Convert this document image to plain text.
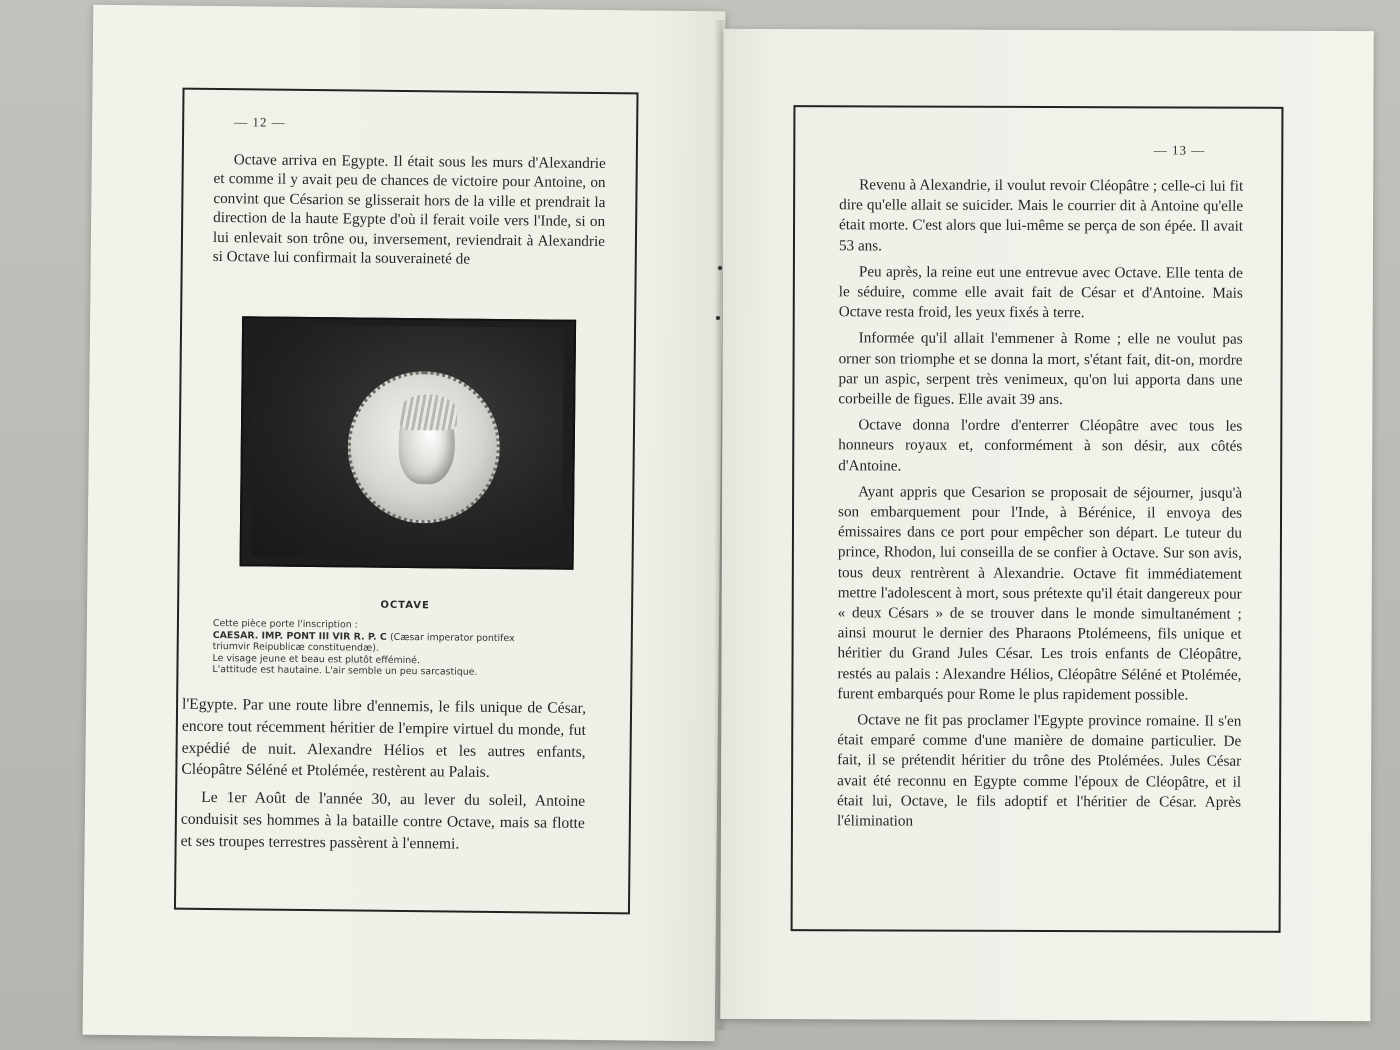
— 12 —

Octave arriva en Egypte. Il était sous les murs d'Alexandrie et comme il y avait peu de chances de victoire pour Antoine, on convint que Césarion se glisserait hors de la ville et prendrait la direction de la haute Egypte d'où il ferait voile vers l'Inde, si on lui enlevait son trône ou, inversement, reviendrait à Alexandrie si Octave lui confirmait la souveraineté de

OCTAVE
Cette pièce porte l'inscription :
CAESAR. IMP. PONT III VIR R. P. C (Cæsar imperator pontifex
triumvir Reipublicæ constituendæ).
Le visage jeune et beau est plutôt efféminé.
L'attitude est hautaine. L'air semble un peu sarcastique.

l'Egypte. Par une route libre d'ennemis, le fils unique de César, encore tout récemment héritier de l'empire virtuel du monde, fut expédié de nuit. Alexandre Hélios et les autres enfants, Cléopâtre Séléné et Ptolémée, restèrent au Palais.

Le 1er Août de l'année 30, au lever du soleil, Antoine conduisit ses hommes à la bataille contre Octave, mais sa flotte et ses troupes terrestres passèrent à l'ennemi.

— 13 —

Revenu à Alexandrie, il voulut revoir Cléopâtre ; celle-ci lui fit dire qu'elle allait se suicider. Mais le courrier dit à Antoine qu'elle était morte. C'est alors que lui-même se perça de son épée. Il avait 53 ans.

Peu après, la reine eut une entrevue avec Octave. Elle tenta de le séduire, comme elle avait fait de César et d'Antoine. Mais Octave resta froid, les yeux fixés à terre.

Informée qu'il allait l'emmener à Rome ; elle ne voulut pas orner son triomphe et se donna la mort, s'étant fait, dit-on, mordre par un aspic, serpent très venimeux, qu'on lui apporta dans une corbeille de figues. Elle avait 39 ans.

Octave donna l'ordre d'enterrer Cléopâtre avec tous les honneurs royaux et, conformément à son désir, aux côtés d'Antoine.

Ayant appris que Cesarion se proposait de séjourner, jusqu'à son embarquement pour l'Inde, à Bérénice, il envoya des émissaires dans ce port pour empêcher son départ. Le tuteur du prince, Rhodon, lui conseilla de se confier à Octave. Sur son avis, tous deux rentrèrent à Alexandrie. Octave fit immédiatement mettre l'adolescent à mort, sous prétexte qu'il était dangereux pour « deux Césars » de se trouver dans le monde simultanément ; ainsi mourut le dernier des Pharaons Ptolémeens, fils unique et héritier du Grand Jules César. Les trois enfants de Cléopâtre, restés au palais : Alexandre Hélios, Cléopâtre Séléné et Ptolémée, furent embarqués pour Rome le plus rapidement possible.

Octave ne fit pas proclamer l'Egypte province romaine. Il s'en était emparé comme d'une manière de domaine particulier. De fait, il se prétendit héritier du trône des Ptolémées. Jules César avait été reconnu en Egypte comme l'époux de Cléopâtre, et il était lui, Octave, le fils adoptif et l'héritier de César. Après l'élimination
